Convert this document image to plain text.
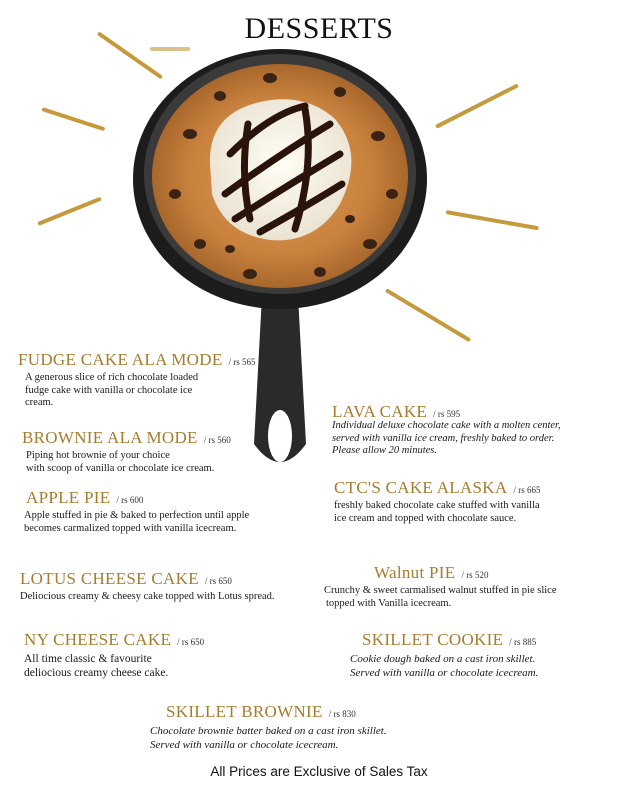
DESSERTS
FUDGE CAKE ALA MODE / rs 565
A generous slice of rich chocolate loaded
fudge cake with vanilla or chocolate ice
cream.
BROWNIE ALA MODE / rs 560
Piping hot brownie of your choice
with scoop of vanilla or chocolate ice cream.
APPLE PIE / rs 600
Apple stuffed in pie & baked to perfection until apple
becomes carmalized topped with vanilla icecream.
LOTUS CHEESE CAKE / rs 650
Deliocious creamy & cheesy cake topped with Lotus spread.
NY CHEESE CAKE / rs 650
All time classic & favourite
deliocious creamy cheese cake.
SKILLET BROWNIE / rs 830
Chocolate brownie batter baked on a cast iron skillet.
Served with vanilla or chocolate icecream.
LAVA CAKE / rs 595
Individual deluxe chocolate cake with a molten center,
served with vanilla ice cream, freshly baked to order.
Please allow 20 minutes.
CTC'S CAKE ALASKA / rs 665
freshly baked chocolate cake stuffed with vanilla
ice cream and topped with chocolate sauce.
Walnut PIE / rs 520
Crunchy & sweet carmalised walnut stuffed in pie slice
topped with Vanilla icecream.
SKILLET COOKIE / rs 885
Cookie dough baked on a cast iron skillet.
Served with vanilla or chocolate icecream.
All Prices are Exclusive of Sales Tax
